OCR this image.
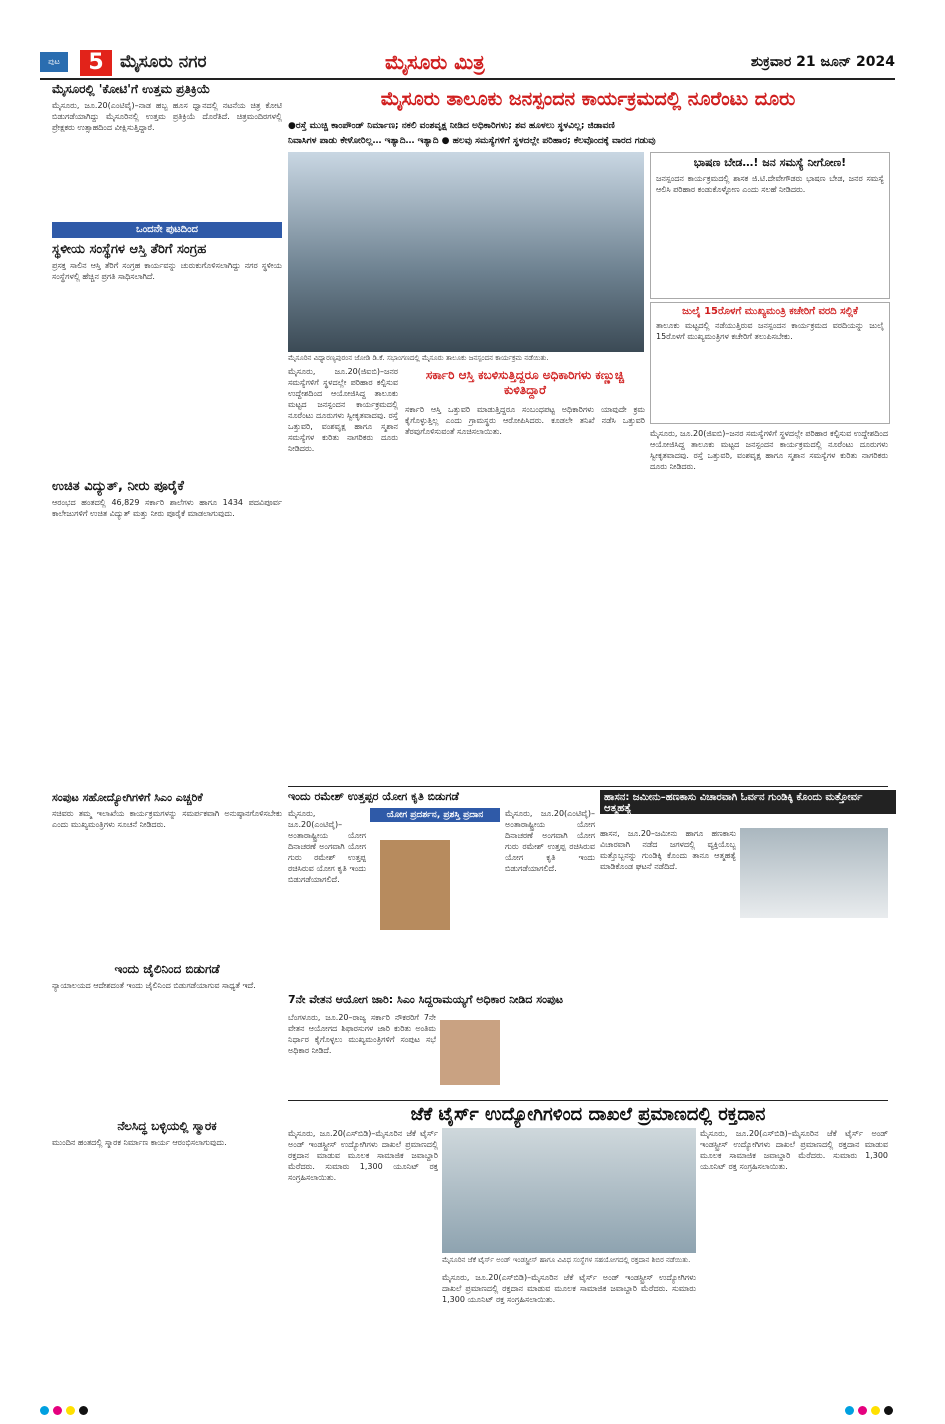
ಪುಟ	5 ಮೈಸೂರು ನಗರ	ಮೈಸೂರು ಮಿತ್ರ	ಶುಕ್ರವಾರ 21 ಜೂನ್ 2024
ಮೈಸೂರಲ್ಲಿ 'ಕೋಟಿ'ಗೆ ಉತ್ತಮ ಪ್ರತಿಕ್ರಿಯೆ
ಮೈಸೂರು, ಜೂ.20(ಎಂಟಿವೈ)–ನಾಡ ಹಬ್ಬ ಹೂಸ ಧ್ವಾನದಲ್ಲಿ ನಟನೆಯ ಚಿತ್ರ ಕೋಟಿ ಬಿಡುಗಡೆಯಾಗಿದ್ದು ಮೈಸೂರಿನಲ್ಲಿ ಉತ್ತಮ ಪ್ರತಿಕ್ರಿಯೆ ದೊರೆತಿದೆ. ಚಿತ್ರಮಂದಿರಗಳಲ್ಲಿ ಪ್ರೇಕ್ಷಕರು ಉತ್ಸಾಹದಿಂದ ವೀಕ್ಷಿಸುತ್ತಿದ್ದಾರೆ.
ಒಂದನೇ ಪುಟದಿಂದ
ಸ್ಥಳೀಯ ಸಂಸ್ಥೆಗಳ ಆಸ್ತಿ ತೆರಿಗೆ ಸಂಗ್ರಹ
ಪ್ರಸಕ್ತ ಸಾಲಿನ ಆಸ್ತಿ ತೆರಿಗೆ ಸಂಗ್ರಹ ಕಾರ್ಯವನ್ನು ಚುರುಕುಗೊಳಿಸಲಾಗಿದ್ದು ನಗರ ಸ್ಥಳೀಯ ಸಂಸ್ಥೆಗಳಲ್ಲಿ ಹೆಚ್ಚಿನ ಪ್ರಗತಿ ಸಾಧಿಸಲಾಗಿದೆ.
ಉಚಿತ ವಿದ್ಯುತ್, ನೀರು ಪೂರೈಕೆ
ಆರಂಭದ ಹಂತದಲ್ಲಿ 46,829 ಸರ್ಕಾರಿ ಶಾಲೆಗಳು ಹಾಗೂ 1434 ಪದವಿಪೂರ್ವ ಕಾಲೇಜುಗಳಿಗೆ ಉಚಿತ ವಿದ್ಯುತ್ ಮತ್ತು ನೀರು ಪೂರೈಕೆ ಮಾಡಲಾಗುವುದು.
ಸಂಪುಟ ಸಹೋದ್ಯೋಗಿಗಳಿಗೆ ಸಿಎಂ ಎಚ್ಚರಿಕೆ
ಸಚಿವರು ತಮ್ಮ ಇಲಾಖೆಯ ಕಾರ್ಯಕ್ರಮಗಳನ್ನು ಸಮರ್ಪಕವಾಗಿ ಅನುಷ್ಠಾನಗೊಳಿಸಬೇಕು ಎಂದು ಮುಖ್ಯಮಂತ್ರಿಗಳು ಸೂಚನೆ ನೀಡಿದರು.
ಇಂದು ಜೈಲಿನಿಂದ ಬಿಡುಗಡೆ
ನ್ಯಾಯಾಲಯದ ಆದೇಶದಂತೆ ಇಂದು ಜೈಲಿನಿಂದ ಬಿಡುಗಡೆಯಾಗುವ ಸಾಧ್ಯತೆ ಇದೆ.
ನೆಲಸಿದ್ಧ ಬಳ್ಳಿಯಲ್ಲಿ ಸ್ಮಾರಕ
ಮುಂದಿನ ಹಂತದಲ್ಲಿ ಸ್ಮಾರಕ ನಿರ್ಮಾಣ ಕಾರ್ಯ ಆರಂಭಿಸಲಾಗುವುದು.
ಮೈಸೂರು ತಾಲೂಕು ಜನಸ್ಪಂದನ ಕಾರ್ಯಕ್ರಮದಲ್ಲಿ ನೂರೆಂಟು ದೂರು
●ರಸ್ತೆ ಮುಚ್ಚಿ ಕಾಂಪೌಂಡ್ ನಿರ್ಮಾಣ; ನಕಲಿ ವಂಶವೃಕ್ಷ ನೀಡಿದ ಅಧಿಕಾರಿಗಳು; ಶವ ಹೂಳಲು ಸ್ಥಳವಿಲ್ಲ; ಜಿಡಾವಣಿ
ನಿವಾಸಿಗಳ ಪಾಡು ಕೇಳೋರಿಲ್ಲ… ಇತ್ಯಾದಿ… ಇತ್ಯಾದಿ ● ಹಲವು ಸಮಸ್ಯೆಗಳಿಗೆ ಸ್ಥಳದಲ್ಲೇ ಪರಿಹಾರ; ಕೆಲವೊಂದಕ್ಕೆ ವಾರದ ಗಡುವು
ಮೈಸೂರಿನ ವಿಧ್ಯಾರಣ್ಯಪುರಂನ ಜೋಡಿ ಡಿ.ಕೆ. ಸಭಾಂಗಣದಲ್ಲಿ ಮೈಸೂರು ತಾಲೂಕು ಜನಸ್ಪಂದನ ಕಾರ್ಯಕ್ರಮ ನಡೆಯಿತು.
ಮೈಸೂರು, ಜೂ.20(ಜಿಐಬಿ)–ಜನರ ಸಮಸ್ಯೆಗಳಿಗೆ ಸ್ಥಳದಲ್ಲೇ ಪರಿಹಾರ ಕಲ್ಪಿಸುವ ಉದ್ದೇಶದಿಂದ ಆಯೋಜಿಸಿದ್ದ ತಾಲೂಕು ಮಟ್ಟದ ಜನಸ್ಪಂದನ ಕಾರ್ಯಕ್ರಮದಲ್ಲಿ ನೂರೆಂಟು ದೂರುಗಳು ಸ್ವೀಕೃತವಾದವು. ರಸ್ತೆ ಒತ್ತುವರಿ, ವಂಶವೃಕ್ಷ ಹಾಗೂ ಸ್ಮಶಾನ ಸಮಸ್ಯೆಗಳ ಕುರಿತು ನಾಗರಿಕರು ದೂರು ನೀಡಿದರು.
ಸರ್ಕಾರಿ ಆಸ್ತಿ ಕಬಳಿಸುತ್ತಿದ್ದರೂ ಅಧಿಕಾರಿಗಳು ಕಣ್ಣುಚ್ಚಿ ಕುಳಿತಿದ್ದಾರೆ
ಸರ್ಕಾರಿ ಆಸ್ತಿ ಒತ್ತುವರಿ ಮಾಡುತ್ತಿದ್ದರೂ ಸಂಬಂಧಪಟ್ಟ ಅಧಿಕಾರಿಗಳು ಯಾವುದೇ ಕ್ರಮ ಕೈಗೊಳ್ಳುತ್ತಿಲ್ಲ ಎಂದು ಗ್ರಾಮಸ್ಥರು ಆರೋಪಿಸಿದರು. ಕೂಡಲೇ ತನಿಖೆ ನಡೆಸಿ ಒತ್ತುವರಿ ತೆರವುಗೊಳಿಸುವಂತೆ ಸೂಚಿಸಲಾಯಿತು.
ಭಾಷಣ ಬೇಡ…! ಜನ ಸಮಸ್ಯೆ ನೀಗೋಣ!
ಜನಸ್ಪಂದನ ಕಾರ್ಯಕ್ರಮದಲ್ಲಿ ಶಾಸಕ ಜಿ.ಟಿ.ದೇವೇಗೌಡರು ಭಾಷಣ ಬೇಡ, ಜನರ ಸಮಸ್ಯೆ ಆಲಿಸಿ ಪರಿಹಾರ ಕಂಡುಕೊಳ್ಳೋಣ ಎಂದು ಸಲಹೆ ನೀಡಿದರು.
ಜುಲೈ 15ರೊಳಗೆ ಮುಖ್ಯಮಂತ್ರಿ ಕಚೇರಿಗೆ ವರದಿ ಸಲ್ಲಿಕೆ
ತಾಲೂಕು ಮಟ್ಟದಲ್ಲಿ ನಡೆಯುತ್ತಿರುವ ಜನಸ್ಪಂದನ ಕಾರ್ಯಕ್ರಮದ ವರದಿಯನ್ನು ಜುಲೈ 15ರೊಳಗೆ ಮುಖ್ಯಮಂತ್ರಿಗಳ ಕಚೇರಿಗೆ ತಲುಪಿಸಬೇಕು.
ಮೈಸೂರು, ಜೂ.20(ಜಿಐಬಿ)–ಜನರ ಸಮಸ್ಯೆಗಳಿಗೆ ಸ್ಥಳದಲ್ಲೇ ಪರಿಹಾರ ಕಲ್ಪಿಸುವ ಉದ್ದೇಶದಿಂದ ಆಯೋಜಿಸಿದ್ದ ತಾಲೂಕು ಮಟ್ಟದ ಜನಸ್ಪಂದನ ಕಾರ್ಯಕ್ರಮದಲ್ಲಿ ನೂರೆಂಟು ದೂರುಗಳು ಸ್ವೀಕೃತವಾದವು. ರಸ್ತೆ ಒತ್ತುವರಿ, ವಂಶವೃಕ್ಷ ಹಾಗೂ ಸ್ಮಶಾನ ಸಮಸ್ಯೆಗಳ ಕುರಿತು ನಾಗರಿಕರು ದೂರು ನೀಡಿದರು.
ಇಂದು ರಮೇಶ್ ಉತ್ತಪ್ಪರ ಯೋಗ ಕೃತಿ ಬಿಡುಗಡೆ
ಯೋಗ ಪ್ರದರ್ಶನ, ಪ್ರಶಸ್ತಿ ಪ್ರದಾನ
ಮೈಸೂರು, ಜೂ.20(ಎಂಟಿವೈ)–ಅಂತಾರಾಷ್ಟ್ರೀಯ ಯೋಗ ದಿನಾಚರಣೆ ಅಂಗವಾಗಿ ಯೋಗ ಗುರು ರಮೇಶ್ ಉತ್ತಪ್ಪ ರಚಿಸಿರುವ ಯೋಗ ಕೃತಿ ಇಂದು ಬಿಡುಗಡೆಯಾಗಲಿದೆ.
ಮೈಸೂರು, ಜೂ.20(ಎಂಟಿವೈ)–ಅಂತಾರಾಷ್ಟ್ರೀಯ ಯೋಗ ದಿನಾಚರಣೆ ಅಂಗವಾಗಿ ಯೋಗ ಗುರು ರಮೇಶ್ ಉತ್ತಪ್ಪ ರಚಿಸಿರುವ ಯೋಗ ಕೃತಿ ಇಂದು ಬಿಡುಗಡೆಯಾಗಲಿದೆ.
ಹಾಸನ: ಜಮೀನು–ಹಣಕಾಸು ವಿಚಾರವಾಗಿ ಓರ್ವನ ಗುಂಡಿಕ್ಕಿ ಕೊಂದು ಮತ್ತೋರ್ವ ಆತ್ಮಹತ್ಯೆ
ಹಾಸನ, ಜೂ.20–ಜಮೀನು ಹಾಗೂ ಹಣಕಾಸು ವಿಚಾರವಾಗಿ ನಡೆದ ಜಗಳದಲ್ಲಿ ವ್ಯಕ್ತಿಯೊಬ್ಬ ಮತ್ತೊಬ್ಬನನ್ನು ಗುಂಡಿಕ್ಕಿ ಕೊಂದು ತಾನೂ ಆತ್ಮಹತ್ಯೆ ಮಾಡಿಕೊಂಡ ಘಟನೆ ನಡೆದಿದೆ.
7ನೇ ವೇತನ ಆಯೋಗ ಜಾರಿ: ಸಿಎಂ ಸಿದ್ದರಾಮಯ್ಯಗೆ ಅಧಿಕಾರ ನೀಡಿದ ಸಂಪುಟ
ಬೆಂಗಳೂರು, ಜೂ.20–ರಾಜ್ಯ ಸರ್ಕಾರಿ ನೌಕರರಿಗೆ 7ನೇ ವೇತನ ಆಯೋಗದ ಶಿಫಾರಸುಗಳ ಜಾರಿ ಕುರಿತು ಅಂತಿಮ ನಿರ್ಧಾರ ಕೈಗೊಳ್ಳಲು ಮುಖ್ಯಮಂತ್ರಿಗಳಿಗೆ ಸಂಪುಟ ಸಭೆ ಅಧಿಕಾರ ನೀಡಿದೆ.
ಜೆಕೆ ಟೈರ್ಸ್ ಉದ್ಯೋಗಿಗಳಿಂದ ದಾಖಲೆ ಪ್ರಮಾಣದಲ್ಲಿ ರಕ್ತದಾನ
ಮೈಸೂರು, ಜೂ.20(ಎಸ್‌ಬಿಡಿ)–ಮೈಸೂರಿನ ಜೆಕೆ ಟೈರ್ಸ್ ಅಂಡ್ ಇಂಡಸ್ಟ್ರೀಸ್ ಉದ್ಯೋಗಿಗಳು ದಾಖಲೆ ಪ್ರಮಾಣದಲ್ಲಿ ರಕ್ತದಾನ ಮಾಡುವ ಮೂಲಕ ಸಾಮಾಜಿಕ ಜವಾಬ್ದಾರಿ ಮೆರೆದರು. ಸುಮಾರು 1,300 ಯೂನಿಟ್ ರಕ್ತ ಸಂಗ್ರಹಿಸಲಾಯಿತು.
ಮೈಸೂರಿನ ಜೆಕೆ ಟೈರ್ಸ್ ಅಂಡ್ ಇಂಡಸ್ಟ್ರೀಸ್ ಹಾಗೂ ವಿವಿಧ ಸಂಸ್ಥೆಗಳ ಸಹಯೋಗದಲ್ಲಿ ರಕ್ತದಾನ ಶಿಬಿರ ನಡೆಯಿತು.
ಮೈಸೂರು, ಜೂ.20(ಎಸ್‌ಬಿಡಿ)–ಮೈಸೂರಿನ ಜೆಕೆ ಟೈರ್ಸ್ ಅಂಡ್ ಇಂಡಸ್ಟ್ರೀಸ್ ಉದ್ಯೋಗಿಗಳು ದಾಖಲೆ ಪ್ರಮಾಣದಲ್ಲಿ ರಕ್ತದಾನ ಮಾಡುವ ಮೂಲಕ ಸಾಮಾಜಿಕ ಜವಾಬ್ದಾರಿ ಮೆರೆದರು. ಸುಮಾರು 1,300 ಯೂನಿಟ್ ರಕ್ತ ಸಂಗ್ರಹಿಸಲಾಯಿತು.
ಮೈಸೂರು, ಜೂ.20(ಎಸ್‌ಬಿಡಿ)–ಮೈಸೂರಿನ ಜೆಕೆ ಟೈರ್ಸ್ ಅಂಡ್ ಇಂಡಸ್ಟ್ರೀಸ್ ಉದ್ಯೋಗಿಗಳು ದಾಖಲೆ ಪ್ರಮಾಣದಲ್ಲಿ ರಕ್ತದಾನ ಮಾಡುವ ಮೂಲಕ ಸಾಮಾಜಿಕ ಜವಾಬ್ದಾರಿ ಮೆರೆದರು. ಸುಮಾರು 1,300 ಯೂನಿಟ್ ರಕ್ತ ಸಂಗ್ರಹಿಸಲಾಯಿತು.
